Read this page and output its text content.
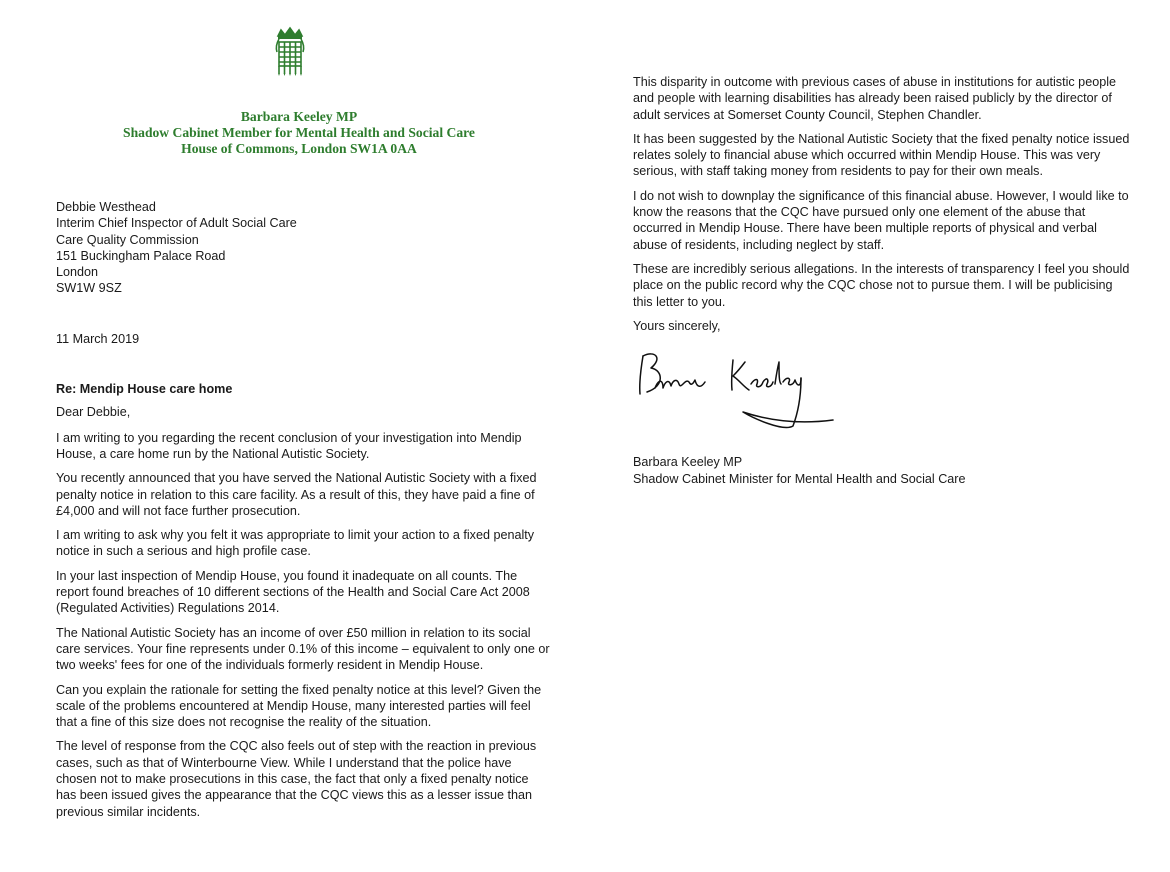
Barbara Keeley MP
Shadow Cabinet Member for Mental Health and Social Care
House of Commons, London SW1A 0AA
Debbie Westhead
Interim Chief Inspector of Adult Social Care
Care Quality Commission
151 Buckingham Palace Road
London
SW1W 9SZ
11 March 2019
Re: Mendip House care home
Dear Debbie,

I am writing to you regarding the recent conclusion of your investigation into Mendip House, a care home run by the National Autistic Society.

You recently announced that you have served the National Autistic Society with a fixed penalty notice in relation to this care facility. As a result of this, they have paid a fine of £4,000 and will not face further prosecution.

I am writing to ask why you felt it was appropriate to limit your action to a fixed penalty notice in such a serious and high profile case.

In your last inspection of Mendip House, you found it inadequate on all counts. The report found breaches of 10 different sections of the Health and Social Care Act 2008 (Regulated Activities) Regulations 2014.

The National Autistic Society has an income of over £50 million in relation to its social care services. Your fine represents under 0.1% of this income – equivalent to only one or two weeks' fees for one of the individuals formerly resident in Mendip House.

Can you explain the rationale for setting the fixed penalty notice at this level? Given the scale of the problems encountered at Mendip House, many interested parties will feel that a fine of this size does not recognise the reality of the situation.

The level of response from the CQC also feels out of step with the reaction in previous cases, such as that of Winterbourne View. While I understand that the police have chosen not to make prosecutions in this case, the fact that only a fixed penalty notice has been issued gives the appearance that the CQC views this as a lesser issue than previous similar incidents.

This disparity in outcome with previous cases of abuse in institutions for autistic people and people with learning disabilities has already been raised publicly by the director of adult services at Somerset County Council, Stephen Chandler.

It has been suggested by the National Autistic Society that the fixed penalty notice issued relates solely to financial abuse which occurred within Mendip House. This was very serious, with staff taking money from residents to pay for their own meals.

I do not wish to downplay the significance of this financial abuse. However, I would like to know the reasons that the CQC have pursued only one element of the abuse that occurred in Mendip House. There have been multiple reports of physical and verbal abuse of residents, including neglect by staff.

These are incredibly serious allegations. In the interests of transparency I feel you should place on the public record why the CQC chose not to pursue them. I will be publicising this letter to you.

Yours sincerely,
Barbara Keeley MP
Shadow Cabinet Minister for Mental Health and Social Care
